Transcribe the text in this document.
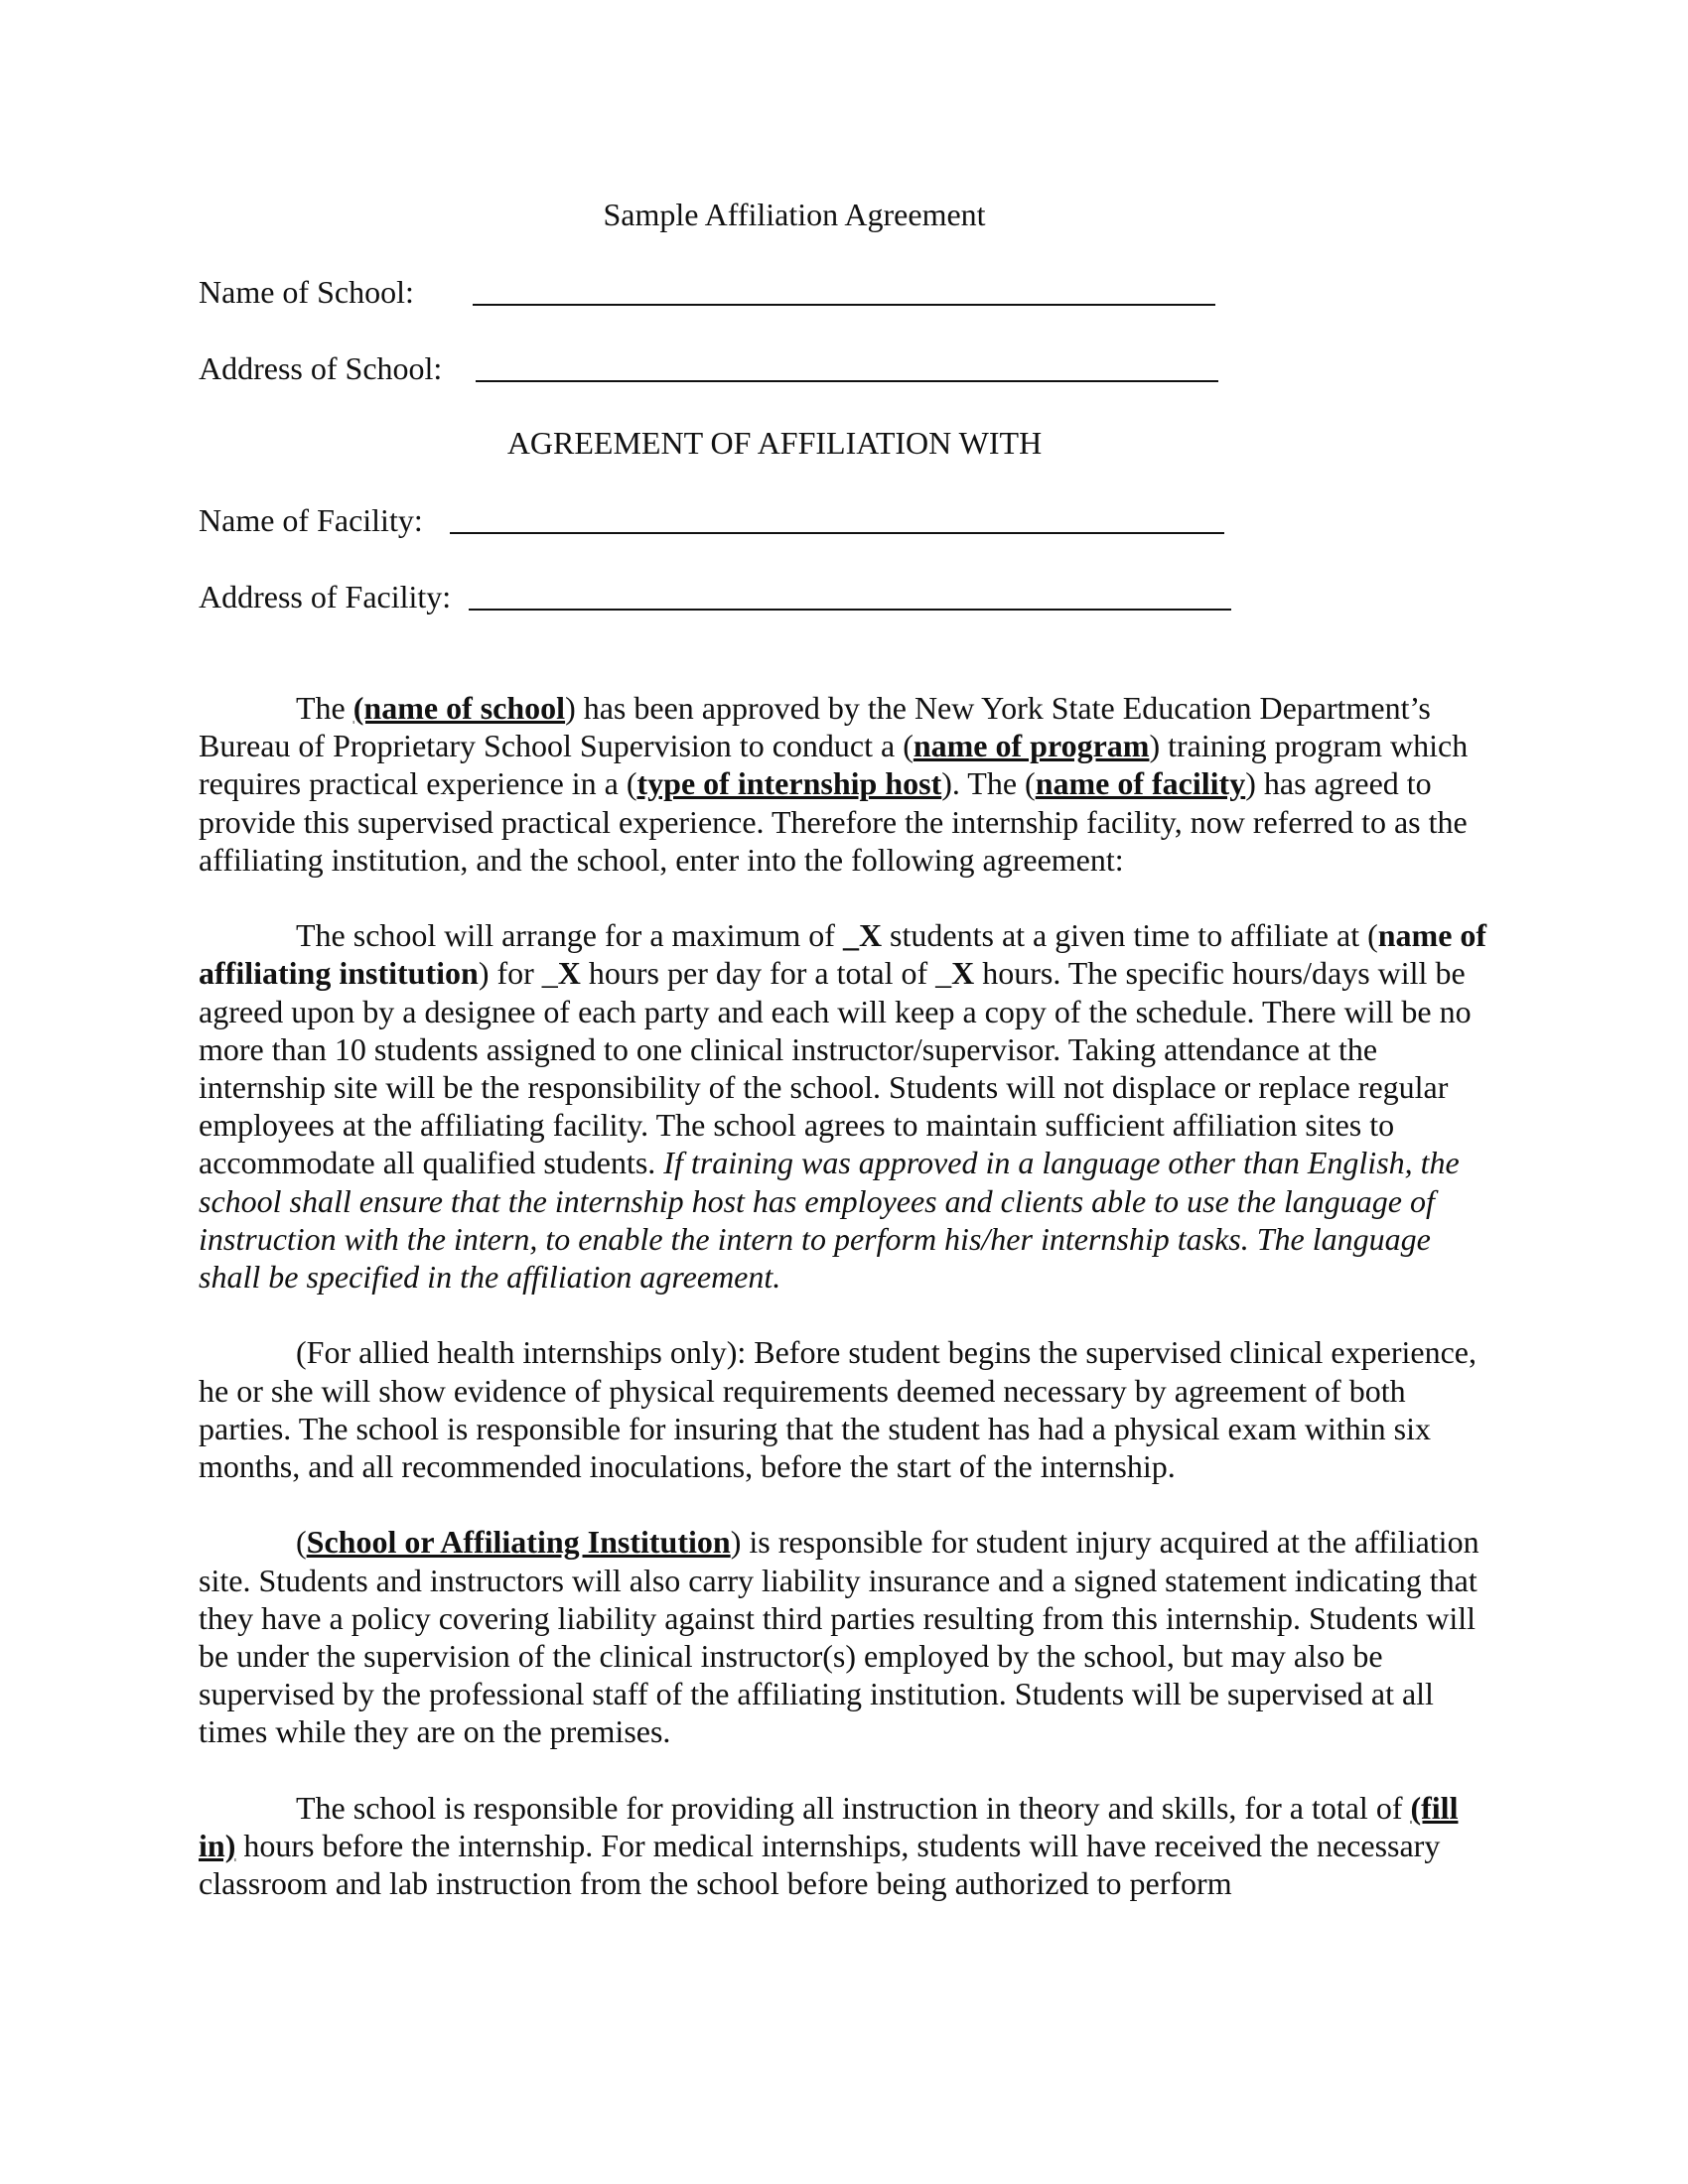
Sample Affiliation Agreement
Name of School:
Address of School:
AGREEMENT OF AFFILIATION WITH
Name of Facility:
Address of Facility:

The (name of school) has been approved by the New York State Education Department’s Bureau of Proprietary School Supervision to conduct a (name of program) training program which requires practical experience in a (type of internship host). The (name of facility) has agreed to provide this supervised practical experience. Therefore the internship facility, now referred to as the affiliating institution, and the school, enter into the following agreement:

The school will arrange for a maximum of _X students at a given time to affiliate at (name of affiliating institution) for _X hours per day for a total of _X hours. The specific hours/days will be agreed upon by a designee of each party and each will keep a copy of the schedule. There will be no more than 10 students assigned to one clinical instructor/supervisor. Taking attendance at the internship site will be the responsibility of the school. Students will not displace or replace regular employees at the affiliating facility. The school agrees to maintain sufficient affiliation sites to accommodate all qualified students. If training was approved in a language other than English, the school shall ensure that the internship host has employees and clients able to use the language of instruction with the intern, to enable the intern to perform his/her internship tasks. The language shall be specified in the affiliation agreement.

(For allied health internships only): Before student begins the supervised clinical experience, he or she will show evidence of physical requirements deemed necessary by agreement of both parties. The school is responsible for insuring that the student has had a physical exam within six months, and all recommended inoculations, before the start of the internship.

(School or Affiliating Institution) is responsible for student injury acquired at the affiliation site. Students and instructors will also carry liability insurance and a signed statement indicating that they have a policy covering liability against third parties resulting from this internship. Students will be under the supervision of the clinical instructor(s) employed by the school, but may also be supervised by the professional staff of the affiliating institution. Students will be supervised at all times while they are on the premises.

The school is responsible for providing all instruction in theory and skills, for a total of (fill in) hours before the internship. For medical internships, students will have received the necessary classroom and lab instruction from the school before being authorized to perform
